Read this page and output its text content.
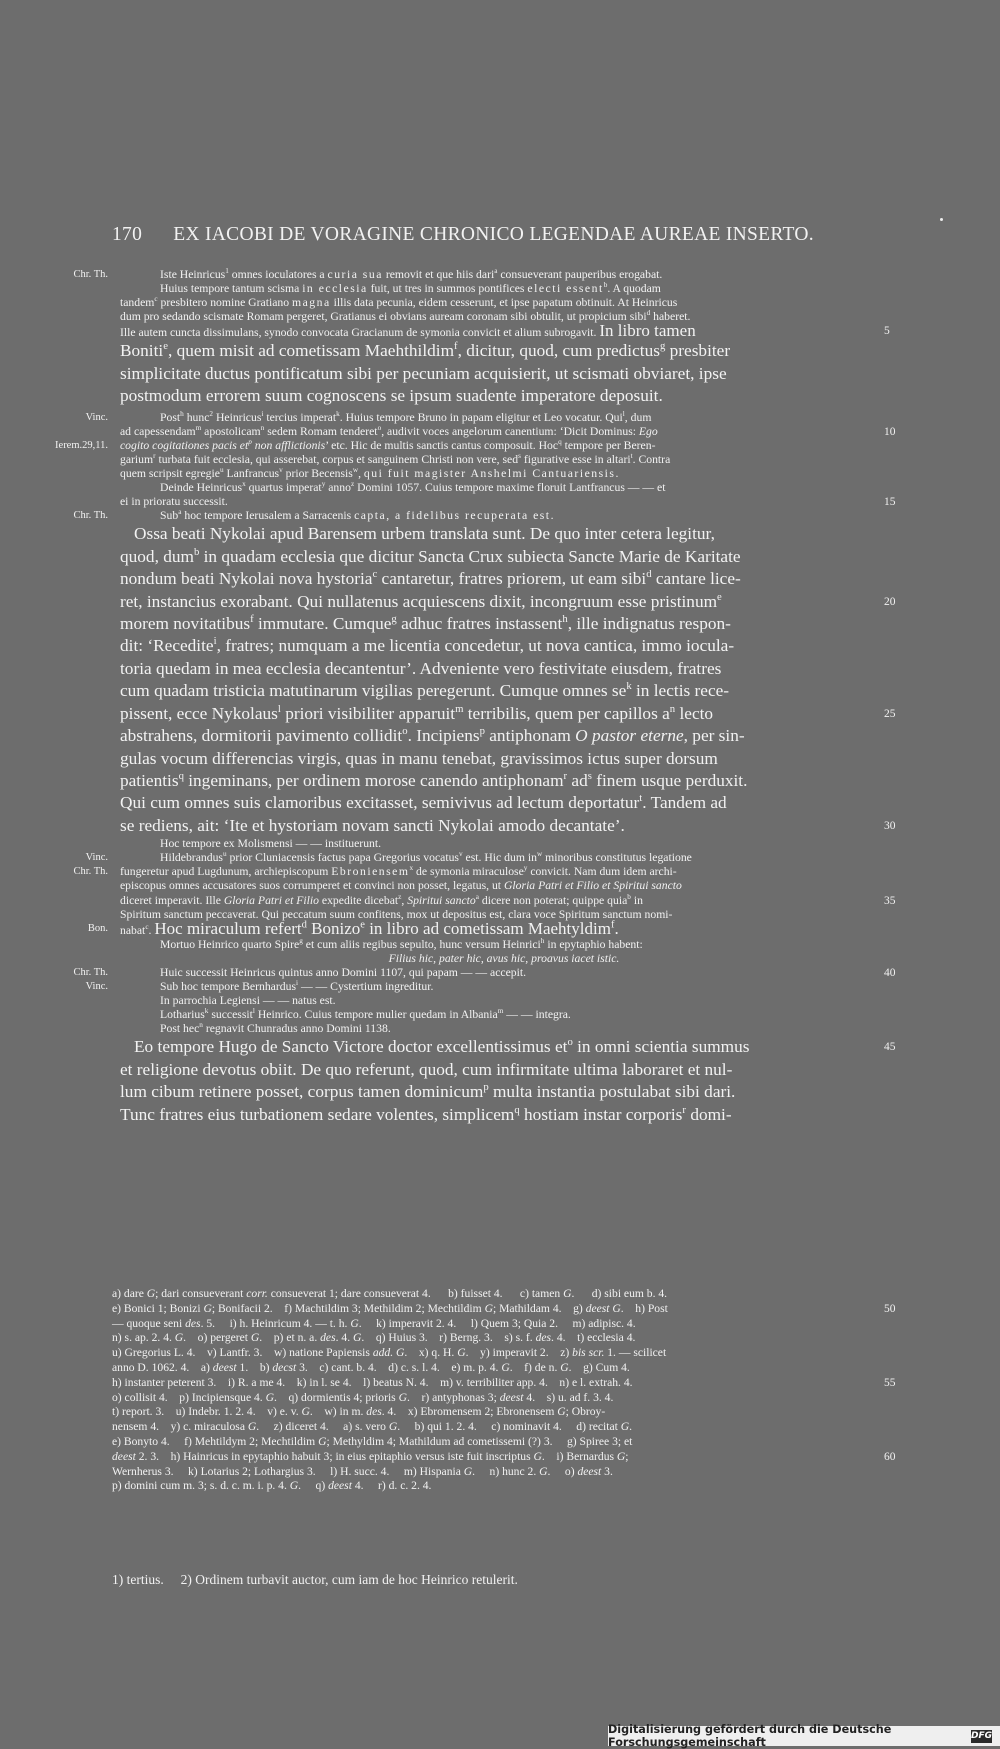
170 EX IACOBI DE VORAGINE CHRONICO LEGENDAE AUREAE INSERTO.
Chr. Th.	Iste Heinricus$^1$ omnes ioculatores a curia sua removit et que hiis dari$^a$ consueverant pauperibus erogabat.
Huius tempore tantum scisma in ecclesia fuit, ut tres in summos pontifices electi essent$^b$. A quodam
tandem$^c$ presbitero nomine Gratiano magna illis data pecunia, eidem cesserunt, et ipse papatum obtinuit. At Heinricus
dum pro sedando scismate Romam pergeret, Gratianus ei obvians auream coronam sibi obtulit, ut propicium sibi$^d$ haberet.
Ille autem cuncta dissimulans, synodo convocata Gracianum de symonia convicit et alium subrogavit. In libro tamen	5
Boniti$^e$, quem misit ad cometissam Maehthildim$^f$, dicitur, quod, cum predictus$^g$ presbiter
simplicitate ductus pontificatum sibi per pecuniam acquisierit, ut scismati obviaret, ipse
postmodum errorem suum cognoscens se ipsum suadente imperatore deposuit.
Vinc.	Post$^h$ hunc$^2$ Heinricus$^i$ tercius imperat$^k$. Huius tempore Bruno in papam eligitur et Leo vocatur. Qui$^l$, dum
ad capessendam$^m$ apostolicam$^n$ sedem Romam tenderet$^o$, audivit voces angelorum canentium: ‘Dicit Dominus: Ego	10
Ierem.29,11. cogito cogitationes pacis $et^p$ non afflictionis’ etc. Hic de multis sanctis cantus composuit. Hoc$^q$ tempore per Beren-
garium$^r$ turbata fuit ecclesia, qui asserebat, corpus et sanguinem Christi non vere, sed$^s$ figurative esse in altari$^t$. Contra
quem scripsit egregie$^u$ Lanfrancus$^v$ prior Becensis$^w$, qui fuit magister Anshelmi Cantuariensis.
Deinde Heinricus$^x$ quartus imperat$^y$ anno$^z$ Domini 1057. Cuius tempore maxime floruit Lantfrancus — — et
ei in prioratu successit.	15
Chr. Th.	Sub$^a$ hoc tempore Ierusalem a Sarracenis capta, a fidelibus recuperata est.
Ossa beati Nykolai apud Barensem urbem translata sunt. De quo inter cetera legitur,
quod, dum$^b$ in quadam ecclesia que dicitur Sancta Crux subiecta Sancte Marie de Karitate
nondum beati Nykolai nova hystoria$^c$ cantaretur, fratres priorem, ut eam sibi$^d$ cantare lice-
ret, instancius exorabant. Qui nullatenus acquiescens dixit, incongruum esse pristinum$^e$	20
morem novitatibus$^f$ immutare. Cumque$^g$ adhuc fratres instassent$^h$, ille indignatus respon-
dit: ‘Recedite$^i$, fratres; numquam a me licentia concedetur, ut nova cantica, immo ioculа-
toria quedam in mea ecclesia decantentur’. Adveniente vero festivitate eiusdem, fratres
cum quadam tristicia matutinarum vigilias peregerunt. Cumque omnes $se^k$ in lectis rece-
pissent, ecce Nykolaus$^l$ priori visibiliter apparuit$^m$ terribilis, quem per capillos $a^n$ lecto	25
abstrahens, dormitorii pavimento collidit$^o$. Incipiens$^p$ antiphonam O pastor eterne, per sin-
gulas vocum differencias virgis, quas in manu tenebat, gravissimos ictus super dorsum
patientis$^q$ ingeminans, per ordinem morose canendo antiphonam$^r$ $ad^s$ finem usque perduxit.
Qui cum omnes suis clamoribus excitasset, semivivus ad lectum deportatur$^t$. Tandem ad
se rediens, ait: ‘Ite et hystoriam novam sancti Nykolai amodo decantate’.	30
Hoc tempore ex Molismensi — — instituerunt.
Vinc.	Hildebrandus$^u$ prior Cluniacensis factus papa Gregorius vocatus$^v$ est. Hic dum $in^w$ minoribus constitutus legatione
Chr. Th. fungeretur apud Lugdunum, archiepiscopum Ebroniensem$^x$ de symonia miraculose$^y$ convicit. Nam dum idem archi-
episcopus omnes accusatores suos corrumperet et convinci non posset, legatus, ut Gloria Patri et Filio et Spiritui sancto
diceret imperavit. Ille Gloria Patri et Filio expedite dicebat$^z$, Spiritui sancto$^a$ dicere non poterat; quippe quia$^b$ in	35
Spiritum sanctum peccaverat. Qui peccatum suum confitens, mox ut depositus est, clara voce Spiritum sanctum nomi-
Bon. nabat$^c$. Hoc miraculum refert$^d$ Bonizo$^e$ in libro ad cometissam Maehtyldim$^f$.
Mortuo Heinrico quarto Spire$^g$ et cum aliis regibus sepulto, hunc versum Heinrici$^h$ in epytaphio habent:
Filius hic, pater hic, avus hic, proavus iacet istic.
Chr. Th.	Huic successit Heinricus quintus anno Domini 1107, qui papam — — accepit.	40
Vinc.	Sub hoc tempore Bernhardus$^i$ — — Cystertium ingreditur.
In parrochia Legiensi — — natus est.
Lotharius$^k$ successit$^l$ Heinrico. Cuius tempore mulier quedam in Albania$^m$ — — integra.
Post hec$^n$ regnavit Chunradus anno Domini 1138.
Eo tempore Hugo de Sancto Victore doctor excellentissimus $et^o$ in omni scientia summus	45
et religione devotus obiit. De quo referunt, quod, cum infirmitate ultima laboraret et nul-
lum cibum retinere posset, corpus tamen dominicum$^p$ multa instantia postulabat sibi dari.
Tunc fratres eius turbationem sedare volentes, simplicem$^q$ hostiam instar corporis$^r$ domi-
a) dare G; dari consueverant corr. consueverat 1; dare consueverat 4.      b) fuisset 4.      c) tamen G.      d) sibi eum b. 4.
e) Bonici 1; Bonizi G; Bonifacii 2.    f) Machtildim 3; Methildim 2; Mechtildim G; Mathildam 4.    g) deest G.    h) Post	50
— quoque seni des. 5.     i) h. Heinricum 4. — t. h. G.     k) imperavit 2. 4.     l) Quem 3; Quia 2.     m) adipisc. 4.
n) s. ap. 2. 4. G.    o) pergeret G.    p) et n. a. des. 4. G.    q) Huius 3.    r) Berng. 3.    s) s. f. des. 4.    t) ecclesia 4.
u) Gregorius L. 4.    v) Lantfr. 3.    w) natione Papiensis add. G.    x) q. H. G.    y) imperavit 2.    z) bis scr. 1. — scilicet
anno D. 1062. 4.    a) deest 1.    b) decst 3.    c) cant. b. 4.    d) c. s. l. 4.    e) m. p. 4. G.    f) de n. G.    g) Cum 4.
h) instanter peterent 3.    i) R. a me 4.    k) in l. se 4.    l) beatus N. 4.    m) v. terribiliter app. 4.    n) e l. extrah. 4.	55
o) collisit 4.    p) Incipiensque 4. G.    q) dormientis 4; prioris G.    r) antyphonas 3; deest 4.    s) u. ad f. 3. 4.
t) report. 3.    u) Indebr. 1. 2. 4.    v) e. v. G.    w) in m. des. 4.    x) Ebromensem 2; Ebronensem G; Obroy-
nensem 4.    y) c. miraculosa G.     z) diceret 4.     a) s. vero G.     b) qui 1. 2. 4.     c) nominavit 4.     d) recitat G.
e) Bonyto 4.     f) Mehtildym 2; Mechtildim G; Methyldim 4; Mathildum ad cometissemi (?) 3.     g) Spiree 3; et
deest 2. 3.    h) Hainricus in epytaphio habuit 3; in eius epitaphio versus iste fuit inscriptus G.    i) Bernardus G;	60
Wernherus 3.     k) Lotarius 2; Lothargius 3.     l) H. succ. 4.     m) Hispania G.     n) hunc 2. G.     o) deest 3.
p) domini cum m. 3; s. d. c. m. i. p. 4. G.     q) deest 4.     r) d. c. 2. 4.
1) tertius.     2) Ordinem turbavit auctor, cum iam de hoc Heinrico retulerit.
Digitalisierung gefördert durch die Deutsche Forschungsgemeinschaft
DFG
